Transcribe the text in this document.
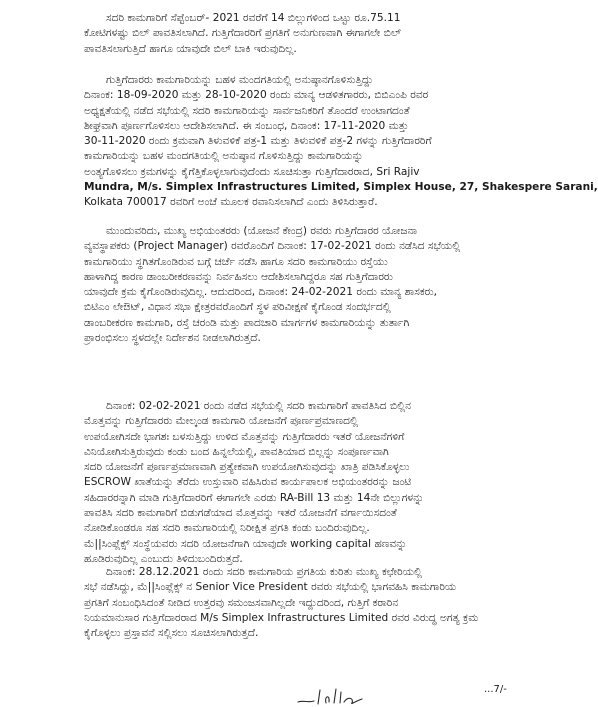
ಸದರಿ ಕಾಮಗಾರಿಗೆ ಸೆಪ್ಟೆಂಬರ್- 2021 ರವರೆಗೆ 14 ಬಿಲ್ಲುಗಳಿಂದ ಒಟ್ಟು ರೂ.75.11
ಕೋಟಿಗಳಷ್ಟು ಬಿಲ್ ಪಾವತಿಸಲಾಗಿದೆ. ಗುತ್ತಿಗೆದಾರರಿಗೆ ಪ್ರಗತಿಗೆ ಅನುಗುಣವಾಗಿ ಈಗಾಗಲೇ ಬಿಲ್
ಪಾವತಿಸಲಾಗುತ್ತಿದೆ ಹಾಗೂ ಯಾವುದೇ ಬಿಲ್ ಬಾಕಿ ಇರುವುದಿಲ್ಲ.
ಗುತ್ತಿಗೆದಾರರು ಕಾಮಗಾರಿಯನ್ನು ಬಹಳ ಮಂದಗತಿಯಲ್ಲಿ ಅನುಷ್ಠಾನಗೊಳಿಸುತ್ತಿದ್ದು
ದಿನಾಂಕ: 18-09-2020 ಮತ್ತು 28-10-2020 ರಂದು ಮಾನ್ಯ ಆಡಳಿತಗಾರರು, ಬಿಬಿಎಂಪಿ ರವರ
ಅಧ್ಯಕ್ಷತೆಯಲ್ಲಿ ನಡೆದ ಸಭೆಯಲ್ಲಿ ಸದರಿ ಕಾಮಗಾರಿಯನ್ನು ಸಾರ್ವಜನಿಕರಿಗೆ ತೊಂದರೆ ಉಂಟಾಗದಂತೆ
ಶೀಘ್ರವಾಗಿ ಪೂರ್ಣಗೊಳಿಸಲು ಆದೇಶಿಸಲಾಗಿದೆ. ಈ ಸಂಬಂಧ, ದಿನಾಂಕ: 17-11-2020 ಮತ್ತು
30-11-2020 ರಂದು ಕ್ರಮವಾಗಿ ತಿಳುವಳಿಕೆ ಪತ್ರ-1 ಮತ್ತು ತಿಳುವಳಿಕೆ ಪತ್ರ-2 ಗಳನ್ನು ಗುತ್ತಿಗೆದಾರರಿಗೆ
ಕಾಮಗಾರಿಯನ್ನು ಬಹಳ ಮಂದಗತಿಯಲ್ಲಿ ಅನುಷ್ಠಾನ ಗೊಳಿಸುತ್ತಿದ್ದು ಕಾಮಗಾರಿಯನ್ನು
ಅಂತ್ಯಗೊಳಿಸಲು ಕ್ರಮಗಳನ್ನು ಕೈಗೆತ್ತಿಕೊಳ್ಳಲಾಗುವುದೆಂದು ಸೂಚಿಸುತ್ತಾ ಗುತ್ತಿಗೆದಾರರಾದ, Sri Rajiv
Mundra, M/s. Simplex Infrastructures Limited, Simplex House, 27, Shakespere Sarani,
Kolkata 700017 ರವರಿಗೆ ಅಂಚೆ ಮೂಲಕ ರವಾನಿಸಲಾಗಿದೆ ಎಂದು ತಿಳಿಸಿರುತ್ತಾರೆ.
ಮುಂದುವರಿದು, ಮುಖ್ಯ ಅಭಿಯಂತರರು (ಯೋಜನೆ ಕೇಂದ್ರ) ರವರು ಗುತ್ತಿಗೆದಾರರ ಯೋಜನಾ
ವ್ಯವಸ್ಥಾಪಕರು (Project Manager) ರವರೊಂದಿಗೆ ದಿನಾಂಕ: 17-02-2021 ರಂದು ನಡೆಸಿದ ಸಭೆಯಲ್ಲಿ
ಕಾಮಗಾರಿಯು ಸ್ಥಗಿತಗೊಂಡಿರುವ ಬಗ್ಗೆ ಚರ್ಚೆ ನಡೆಸಿ ಹಾಗೂ ಸದರಿ ಕಾಮಗಾರಿಯು ರಸ್ತೆಯು
ಹಾಳಾಗಿದ್ದ ಕಾರಣ ಡಾಂಬರೀಕರಣವನ್ನು ನಿರ್ವಹಿಸಲು ಆದೇಶಿಸಲಾಗಿದ್ದರೂ ಸಹ ಗುತ್ತಿಗೆದಾರರು
ಯಾವುದೇ ಕ್ರಮ ಕೈಗೊಂಡಿರುವುದಿಲ್ಲ. ಆದುದರಿಂದ, ದಿನಾಂಕ: 24-02-2021 ರಂದು ಮಾನ್ಯ ಶಾಸಕರು,
ಬಿಟಿಎಂ ಲೇಔಟ್, ವಿಧಾನ ಸಭಾ ಕ್ಷೇತ್ರರವರೊಂದಿಗೆ ಸ್ಥಳ ಪರಿವೀಕ್ಷಣೆ ಕೈಗೊಂಡ ಸಂದರ್ಭದಲ್ಲಿ
ಡಾಂಬರೀಕರಣ ಕಾಮಗಾರಿ, ರಸ್ತೆ ಚರಂಡಿ ಮತ್ತು ಪಾದಚಾರಿ ಮಾರ್ಗಗಳ ಕಾಮಗಾರಿಯನ್ನು ತುರ್ತಾಗಿ
ಪ್ರಾರಂಭಿಸಲು ಸ್ಥಳದಲ್ಲೇ ನಿರ್ದೇಶನ ನೀಡಲಾಗಿರುತ್ತದೆ.
ದಿನಾಂಕ: 02-02-2021 ರಂದು ನಡೆದ ಸಭೆಯಲ್ಲಿ ಸದರಿ ಕಾಮಗಾರಿಗೆ ಪಾವತಿಸಿದ ಬಿಲ್ಲಿನ
ಮೊತ್ತವನ್ನು ಗುತ್ತಿಗೆದಾರರು ಮೇಲ್ಕಂಡ ಕಾಮಗಾರಿ ಯೋಜನೆಗೆ ಪೂರ್ಣಪ್ರಮಾಣದಲ್ಲಿ
ಉಪಯೋಗಿಸದೇ ಭಾಗಶಃ ಬಳಸುತ್ತಿದ್ದು ಉಳಿದ ಮೊತ್ತವನ್ನು ಗುತ್ತಿಗೆದಾರರು ಇತರೆ ಯೋಜನೆಗಳಿಗೆ
ವಿನಿಯೋಗಿಸುತ್ತಿರುವುದು ಕಂಡು ಬಂದ ಹಿನ್ನಲೆಯಲ್ಲಿ, ಪಾವತಿಯಾದ ಬಿಲ್ಲನ್ನು ಸಂಪೂರ್ಣವಾಗಿ
ಸದರಿ ಯೋಜನೆಗೆ ಪೂರ್ಣಪ್ರಮಾಣವಾಗಿ ಪ್ರತ್ಯೇಕವಾಗಿ ಉಪಯೋಗಿಸುವುದನ್ನು ಖಾತ್ರಿ ಪಡಿಸಿಕೊಳ್ಳಲು
ESCROW ಖಾತೆಯನ್ನು ತೆರೆದು ಉಸ್ತುವಾರಿ ವಹಿಸಿರುವ ಕಾರ್ಯಪಾಲಕ ಅಭಿಯಂತರರನ್ನು ಜಂಟಿ
ಸಹಿದಾರರನ್ನಾಗಿ ಮಾಡಿ ಗುತ್ತಿಗೆದಾರರಿಗೆ ಈಗಾಗಲೇ ಎರಡು RA-Bill 13 ಮತ್ತು 14ನೇ ಬಿಲ್ಲುಗಳನ್ನು
ಪಾವತಿಸಿ ಸದರಿ ಕಾಮಗಾರಿಗೆ ಬಿಡುಗಡೆಯಾದ ಮೊತ್ತವನ್ನು ಇತರೆ ಯೋಜನೆಗೆ ವರ್ಗಾಯಿಸದಂತೆ
ನೋಡಿಕೊಂಡರೂ ಸಹ ಸದರಿ ಕಾಮಗಾರಿಯಲ್ಲಿ ನಿರೀಕ್ಷಿತ ಪ್ರಗತಿ ಕಂಡು ಬಂದಿರುವುದಿಲ್ಲ.
ಮೆ||ಸಿಂಪ್ಲೆಕ್ಸ್ ಸಂಸ್ಥೆಯವರು ಸದರಿ ಯೋಜನೆಗಾಗಿ ಯಾವುದೇ working capital ಹಣವನ್ನು
ಹೂಡಿರುವುದಿಲ್ಲ ಎಂಬುದು ತಿಳಿದುಬಂದಿರುತ್ತದೆ.
ದಿನಾಂಕ: 28.12.2021 ರಂದು ಸದರಿ ಕಾಮಗಾರಿಯ ಪ್ರಗತಿಯ ಕುರಿತು ಮುಖ್ಯ ಕಛೇರಿಯಲ್ಲಿ
ಸಭೆ ನಡೆಸಿದ್ದು, ಮೆ||ಸಿಂಪ್ಲೆಕ್ಸ್ ನ Senior Vice President ರವರು ಸಭೆಯಲ್ಲಿ ಭಾಗವಹಿಸಿ ಕಾಮಗಾರಿಯ
ಪ್ರಗತಿಗೆ ಸಂಬಂಧಿಸಿದಂತೆ ನೀಡಿದ ಉತ್ತರವು ಸಮಂಜಸವಾಗಿಲ್ಲದೇ ಇದ್ದುದರಿಂದ, ಗುತ್ತಿಗೆ ಕರಾರಿನ
ನಿಯಮಾನುಸಾರ ಗುತ್ತಿಗೆದಾರರಾದ M/s Simplex Infrastructures Limited ರವರ ವಿರುದ್ಧ ಅಗತ್ಯ ಕ್ರಮ
ಕೈಗೊಳ್ಳಲು ಪ್ರಸ್ತಾವನೆ ಸಲ್ಲಿಸಲು ಸೂಚಿಸಲಾಗಿರುತ್ತದೆ.
...7/-
